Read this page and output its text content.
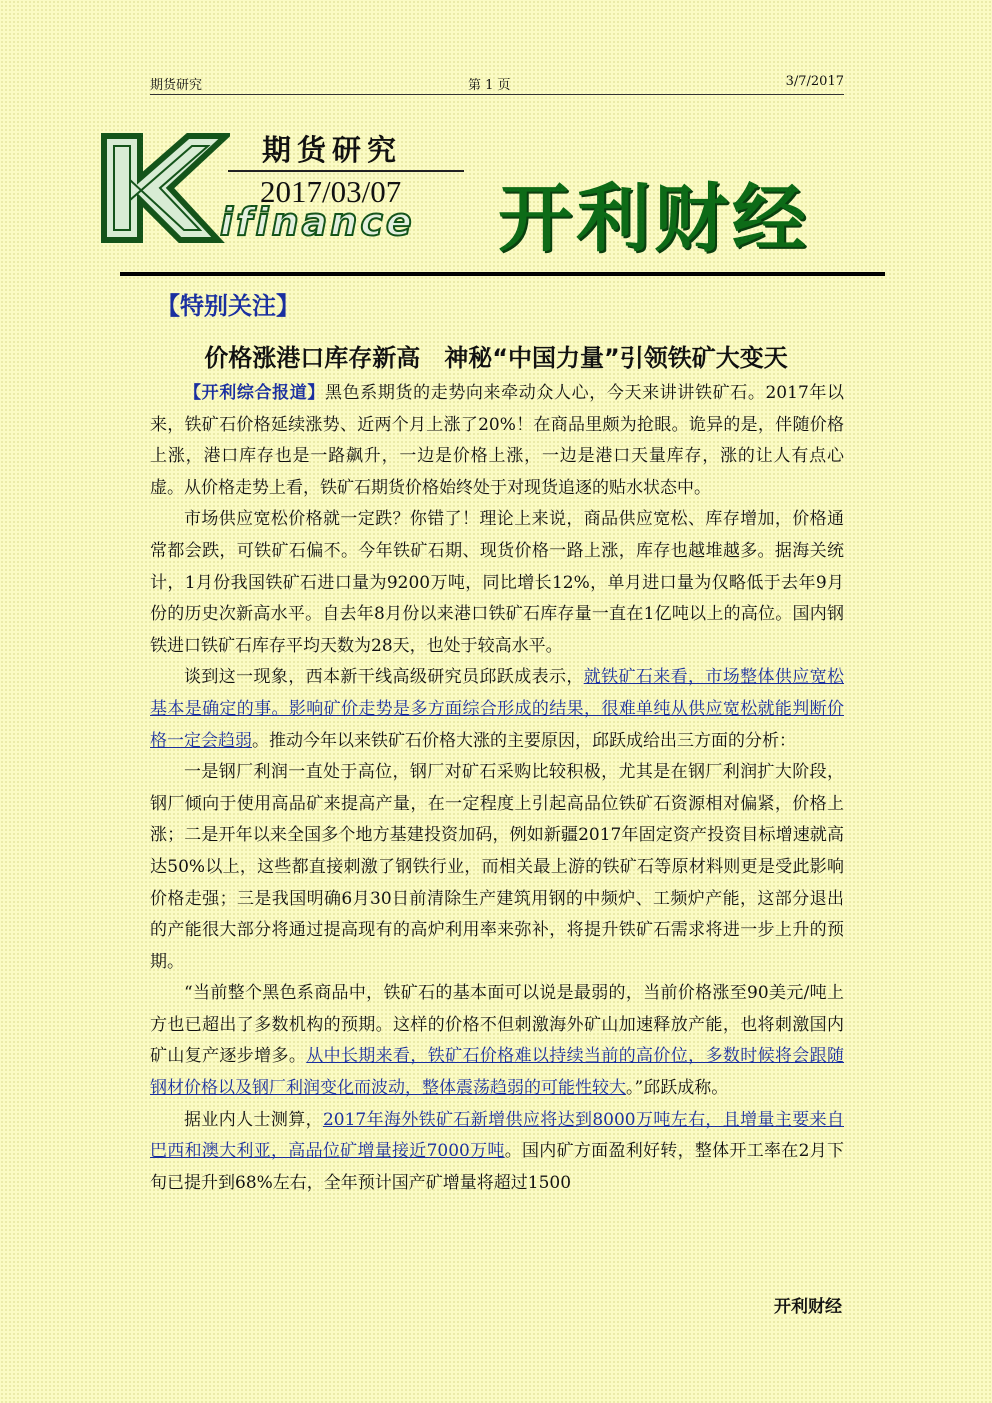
期货研究	第 1 页	3/7/2017
期货研究
2017/03/07
ifinance 开利财经
【特别关注】
价格涨港口库存新高　神秘“中国力量”引领铁矿大变天

【开利综合报道】黑色系期货的走势向来牵动众人心，今天来讲讲铁矿石。2017年以来，铁矿石价格延续涨势、近两个月上涨了20%！在商品里颇为抢眼。诡异的是，伴随价格上涨，港口库存也是一路飙升，一边是价格上涨，一边是港口天量库存，涨的让人有点心虚。从价格走势上看，铁矿石期货价格始终处于对现货追逐的贴水状态中。

市场供应宽松价格就一定跌？你错了！理论上来说，商品供应宽松、库存增加，价格通常都会跌，可铁矿石偏不。今年铁矿石期、现货价格一路上涨，库存也越堆越多。据海关统计，1月份我国铁矿石进口量为9200万吨，同比增长12%，单月进口量为仅略低于去年9月份的历史次新高水平。自去年8月份以来港口铁矿石库存量一直在1亿吨以上的高位。国内钢铁进口铁矿石库存平均天数为28天，也处于较高水平。

谈到这一现象，西本新干线高级研究员邱跃成表示，就铁矿石来看，市场整体供应宽松基本是确定的事。影响矿价走势是多方面综合形成的结果，很难单纯从供应宽松就能判断价格一定会趋弱。推动今年以来铁矿石价格大涨的主要原因，邱跃成给出三方面的分析：

一是钢厂利润一直处于高位，钢厂对矿石采购比较积极，尤其是在钢厂利润扩大阶段，钢厂倾向于使用高品矿来提高产量，在一定程度上引起高品位铁矿石资源相对偏紧，价格上涨；二是开年以来全国多个地方基建投资加码，例如新疆2017年固定资产投资目标增速就高达50%以上，这些都直接刺激了钢铁行业，而相关最上游的铁矿石等原材料则更是受此影响价格走强；三是我国明确6月30日前清除生产建筑用钢的中频炉、工频炉产能，这部分退出的产能很大部分将通过提高现有的高炉利用率来弥补，将提升铁矿石需求将进一步上升的预期。

“当前整个黑色系商品中，铁矿石的基本面可以说是最弱的，当前价格涨至90美元/吨上方也已超出了多数机构的预期。这样的价格不但刺激海外矿山加速释放产能，也将刺激国内矿山复产逐步增多。从中长期来看，铁矿石价格难以持续当前的高价位，多数时候将会跟随钢材价格以及钢厂利润变化而波动，整体震荡趋弱的可能性较大。”邱跃成称。

据业内人士测算，2017年海外铁矿石新增供应将达到8000万吨左右，且增量主要来自巴西和澳大利亚，高品位矿增量接近7000万吨。国内矿方面盈利好转，整体开工率在2月下旬已提升到68%左右，全年预计国产矿增量将超过1500

开利财经
